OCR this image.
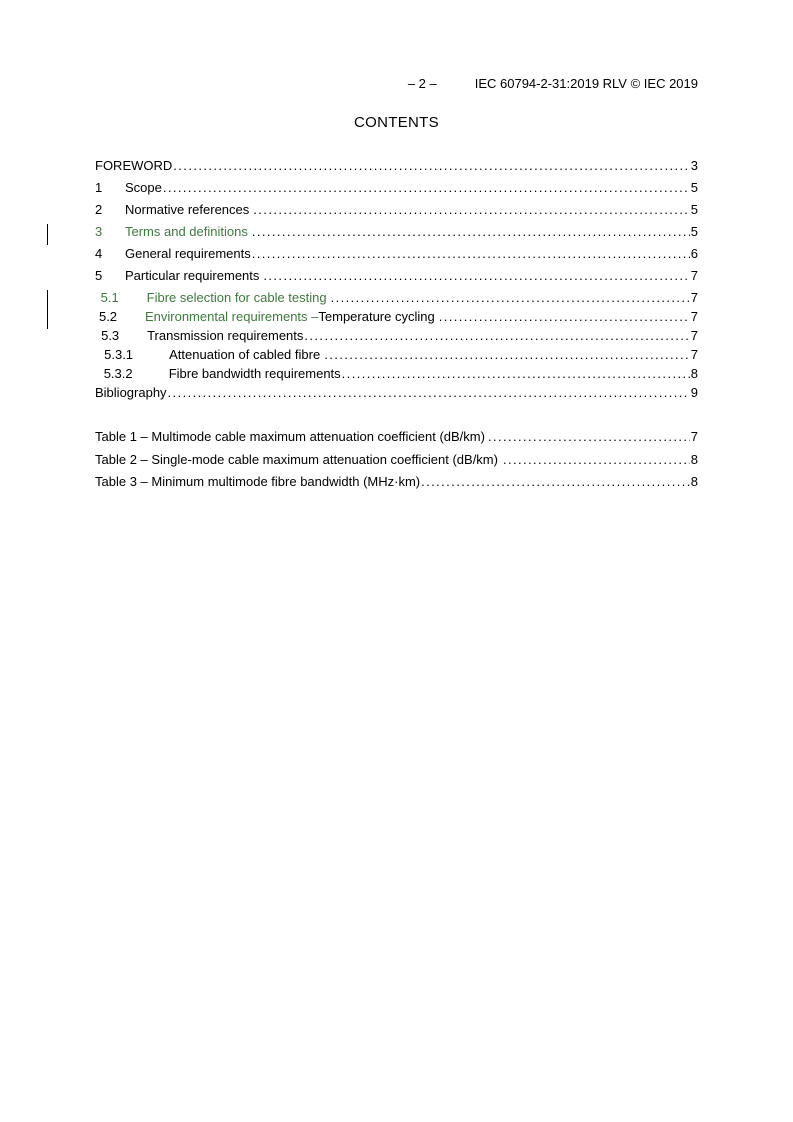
– 2 –	IEC 60794-2-31:2019 RLV © IEC 2019
CONTENTS
FOREWORD .....	3
1	Scope .....	5
2	Normative references .....	5
3	Terms and definitions .....	5
4	General requirements .....	6
5	Particular requirements .....	7
5.1	Fibre selection for cable testing .....	7
5.2	Environmental requirements – Temperature cycling .....	7
5.3	Transmission requirements .....	7
5.3.1	Attenuation of cabled fibre .....	7
5.3.2	Fibre bandwidth requirements .....	8
Bibliography .....	9
Table 1 – Multimode cable maximum attenuation coefficient (dB/km) .....	7
Table 2 – Single-mode cable maximum attenuation coefficient (dB/km) .....	8
Table 3 – Minimum multimode fibre bandwidth (MHz·km) .....	8
